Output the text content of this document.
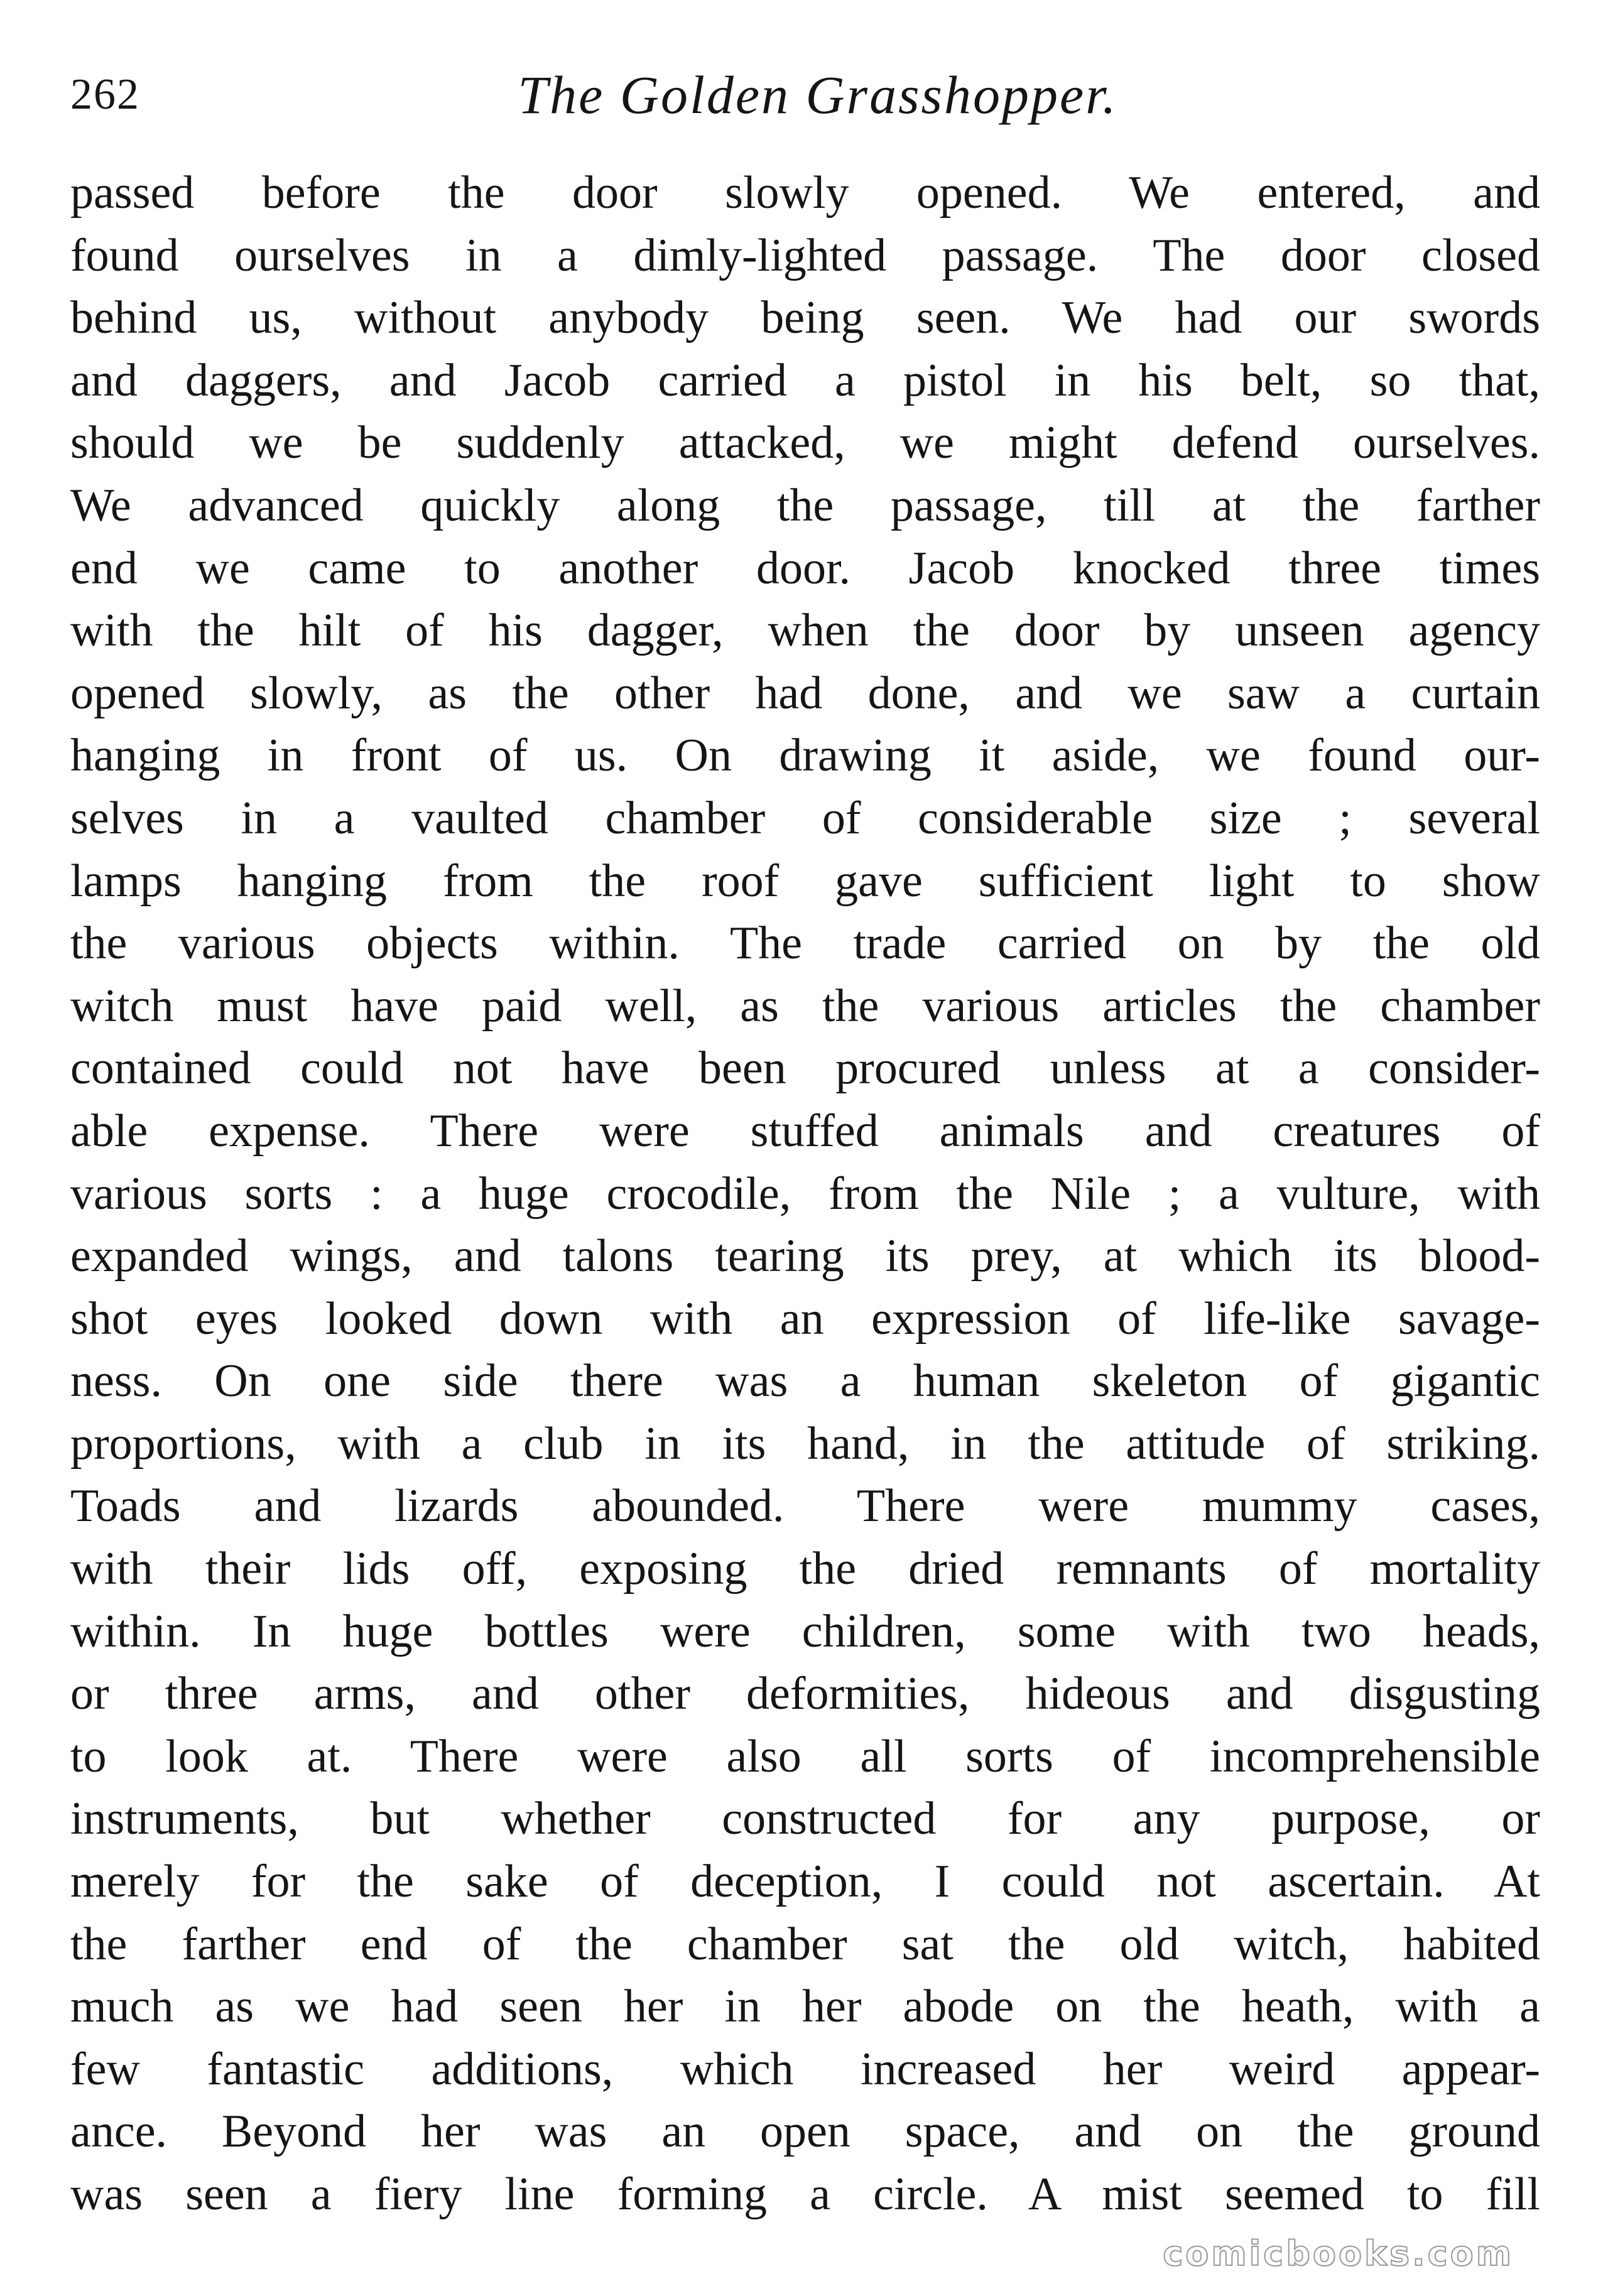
262	The Golden Grasshopper.
passed before the door slowly opened. We entered, and
found ourselves in a dimly-lighted passage. The door closed
behind us, without anybody being seen. We had our swords
and daggers, and Jacob carried a pistol in his belt, so that,
should we be suddenly attacked, we might defend ourselves.
We advanced quickly along the passage, till at the farther
end we came to another door. Jacob knocked three times
with the hilt of his dagger, when the door by unseen agency
opened slowly, as the other had done, and we saw a curtain
hanging in front of us. On drawing it aside, we found our-
selves in a vaulted chamber of considerable size ; several
lamps hanging from the roof gave sufficient light to show
the various objects within. The trade carried on by the old
witch must have paid well, as the various articles the chamber
contained could not have been procured unless at a consider-
able expense. There were stuffed animals and creatures of
various sorts : a huge crocodile, from the Nile ; a vulture, with
expanded wings, and talons tearing its prey, at which its blood-
shot eyes looked down with an expression of life-like savage-
ness. On one side there was a human skeleton of gigantic
proportions, with a club in its hand, in the attitude of striking.
Toads and lizards abounded. There were mummy cases,
with their lids off, exposing the dried remnants of mortality
within. In huge bottles were children, some with two heads,
or three arms, and other deformities, hideous and disgusting
to look at. There were also all sorts of incomprehensible
instruments, but whether constructed for any purpose, or
merely for the sake of deception, I could not ascertain. At
the farther end of the chamber sat the old witch, habited
much as we had seen her in her abode on the heath, with a
few fantastic additions, which increased her weird appear-
ance. Beyond her was an open space, and on the ground
was seen a fiery line forming a circle. A mist seemed to fill
comicbooks.com
